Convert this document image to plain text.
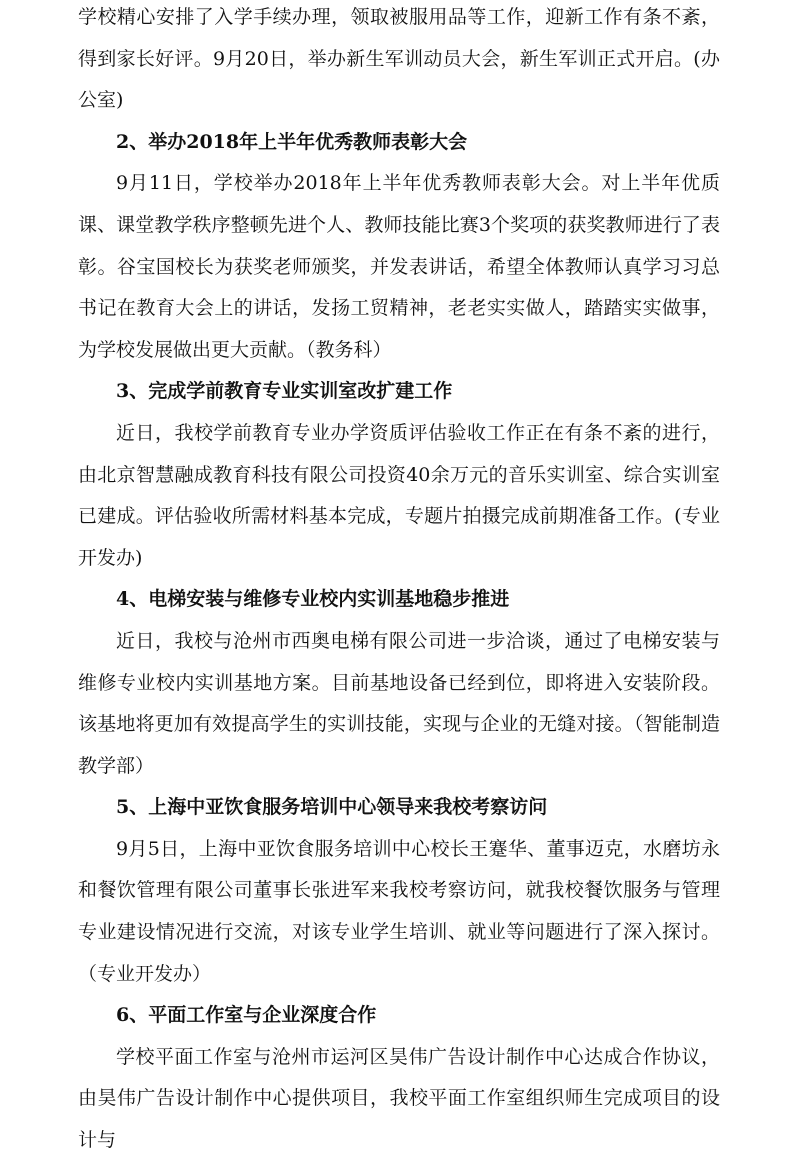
学校精心安排了入学手续办理，领取被服用品等工作，迎新工作有条不紊，得到家长好评。9月20日，举办新生军训动员大会，新生军训正式开启。(办公室)

2、举办2018年上半年优秀教师表彰大会

9月11日，学校举办2018年上半年优秀教师表彰大会。对上半年优质课、课堂教学秩序整顿先进个人、教师技能比赛3个奖项的获奖教师进行了表彰。谷宝国校长为获奖老师颁奖，并发表讲话，希望全体教师认真学习习总书记在教育大会上的讲话，发扬工贸精神，老老实实做人，踏踏实实做事，为学校发展做出更大贡献。（教务科）

3、完成学前教育专业实训室改扩建工作

近日，我校学前教育专业办学资质评估验收工作正在有条不紊的进行，由北京智慧融成教育科技有限公司投资40余万元的音乐实训室、综合实训室已建成。评估验收所需材料基本完成，专题片拍摄完成前期准备工作。(专业开发办)

4、电梯安装与维修专业校内实训基地稳步推进

近日，我校与沧州市西奥电梯有限公司进一步洽谈，通过了电梯安装与维修专业校内实训基地方案。目前基地设备已经到位，即将进入安装阶段。该基地将更加有效提高学生的实训技能，实现与企业的无缝对接。（智能制造教学部）

5、上海中亚饮食服务培训中心领导来我校考察访问

9月5日，上海中亚饮食服务培训中心校长王蹇华、董事迈克，水磨坊永和餐饮管理有限公司董事长张进军来我校考察访问，就我校餐饮服务与管理专业建设情况进行交流，对该专业学生培训、就业等问题进行了深入探讨。（专业开发办）

6、平面工作室与企业深度合作

学校平面工作室与沧州市运河区昊伟广告设计制作中心达成合作协议，由昊伟广告设计制作中心提供项目，我校平面工作室组织师生完成项目的设计与
